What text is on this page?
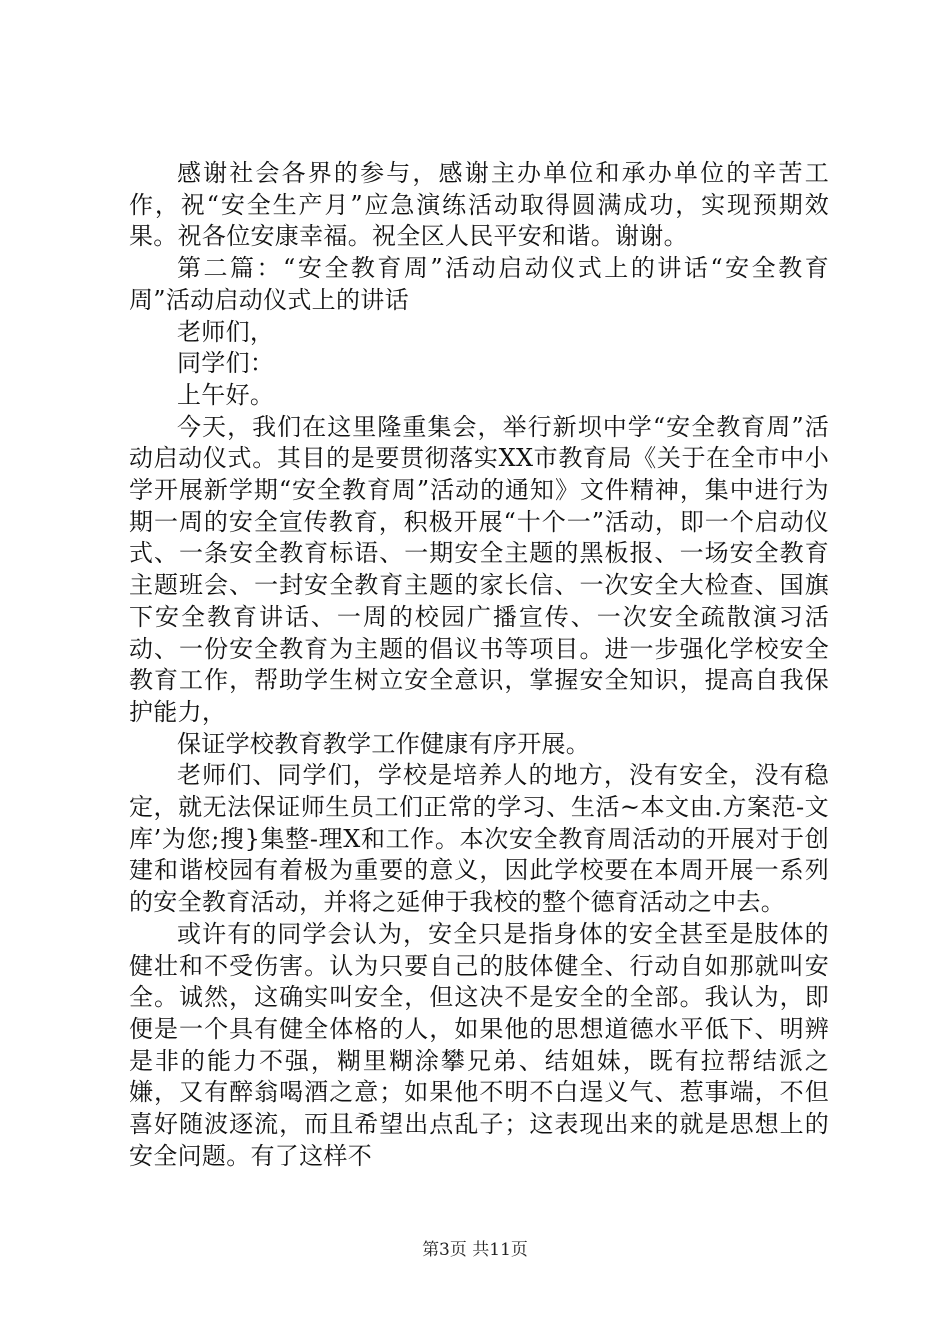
感谢社会各界的参与，感谢主办单位和承办单位的辛苦工作，祝“安全生产月”应急演练活动取得圆满成功，实现预期效果。祝各位安康幸福。祝全区人民平安和谐。谢谢。

第二篇：“安全教育周”活动启动仪式上的讲话“安全教育周”活动启动仪式上的讲话

老师们，

同学们：

上午好。

今天，我们在这里隆重集会，举行新坝中学“安全教育周”活动启动仪式。其目的是要贯彻落实XX市教育局《关于在全市中小学开展新学期“安全教育周”活动的通知》文件精神，集中进行为期一周的安全宣传教育，积极开展“十个一”活动，即一个启动仪式、一条安全教育标语、一期安全主题的黑板报、一场安全教育主题班会、一封安全教育主题的家长信、一次安全大检查、国旗下安全教育讲话、一周的校园广播宣传、一次安全疏散演习活动、一份安全教育为主题的倡议书等项目。进一步强化学校安全教育工作，帮助学生树立安全意识，掌握安全知识，提高自我保护能力，

保证学校教育教学工作健康有序开展。

老师们、同学们，学校是培养人的地方，没有安全，没有稳定，就无法保证师生员工们正常的学习、生活~本文由.方案范-文库’为您;搜}集整-理X和工作。本次安全教育周活动的开展对于创建和谐校园有着极为重要的意义，因此学校要在本周开展一系列的安全教育活动，并将之延伸于我校的整个德育活动之中去。

或许有的同学会认为，安全只是指身体的安全甚至是肢体的健壮和不受伤害。认为只要自己的肢体健全、行动自如那就叫安全。诚然，这确实叫安全，但这决不是安全的全部。我认为，即便是一个具有健全体格的人，如果他的思想道德水平低下、明辨是非的能力不强，糊里糊涂攀兄弟、结姐妹，既有拉帮结派之嫌，又有醉翁喝酒之意；如果他不明不白逞义气、惹事端，不但喜好随波逐流，而且希望出点乱子；这表现出来的就是思想上的安全问题。有了这样不

第3页 共11页
